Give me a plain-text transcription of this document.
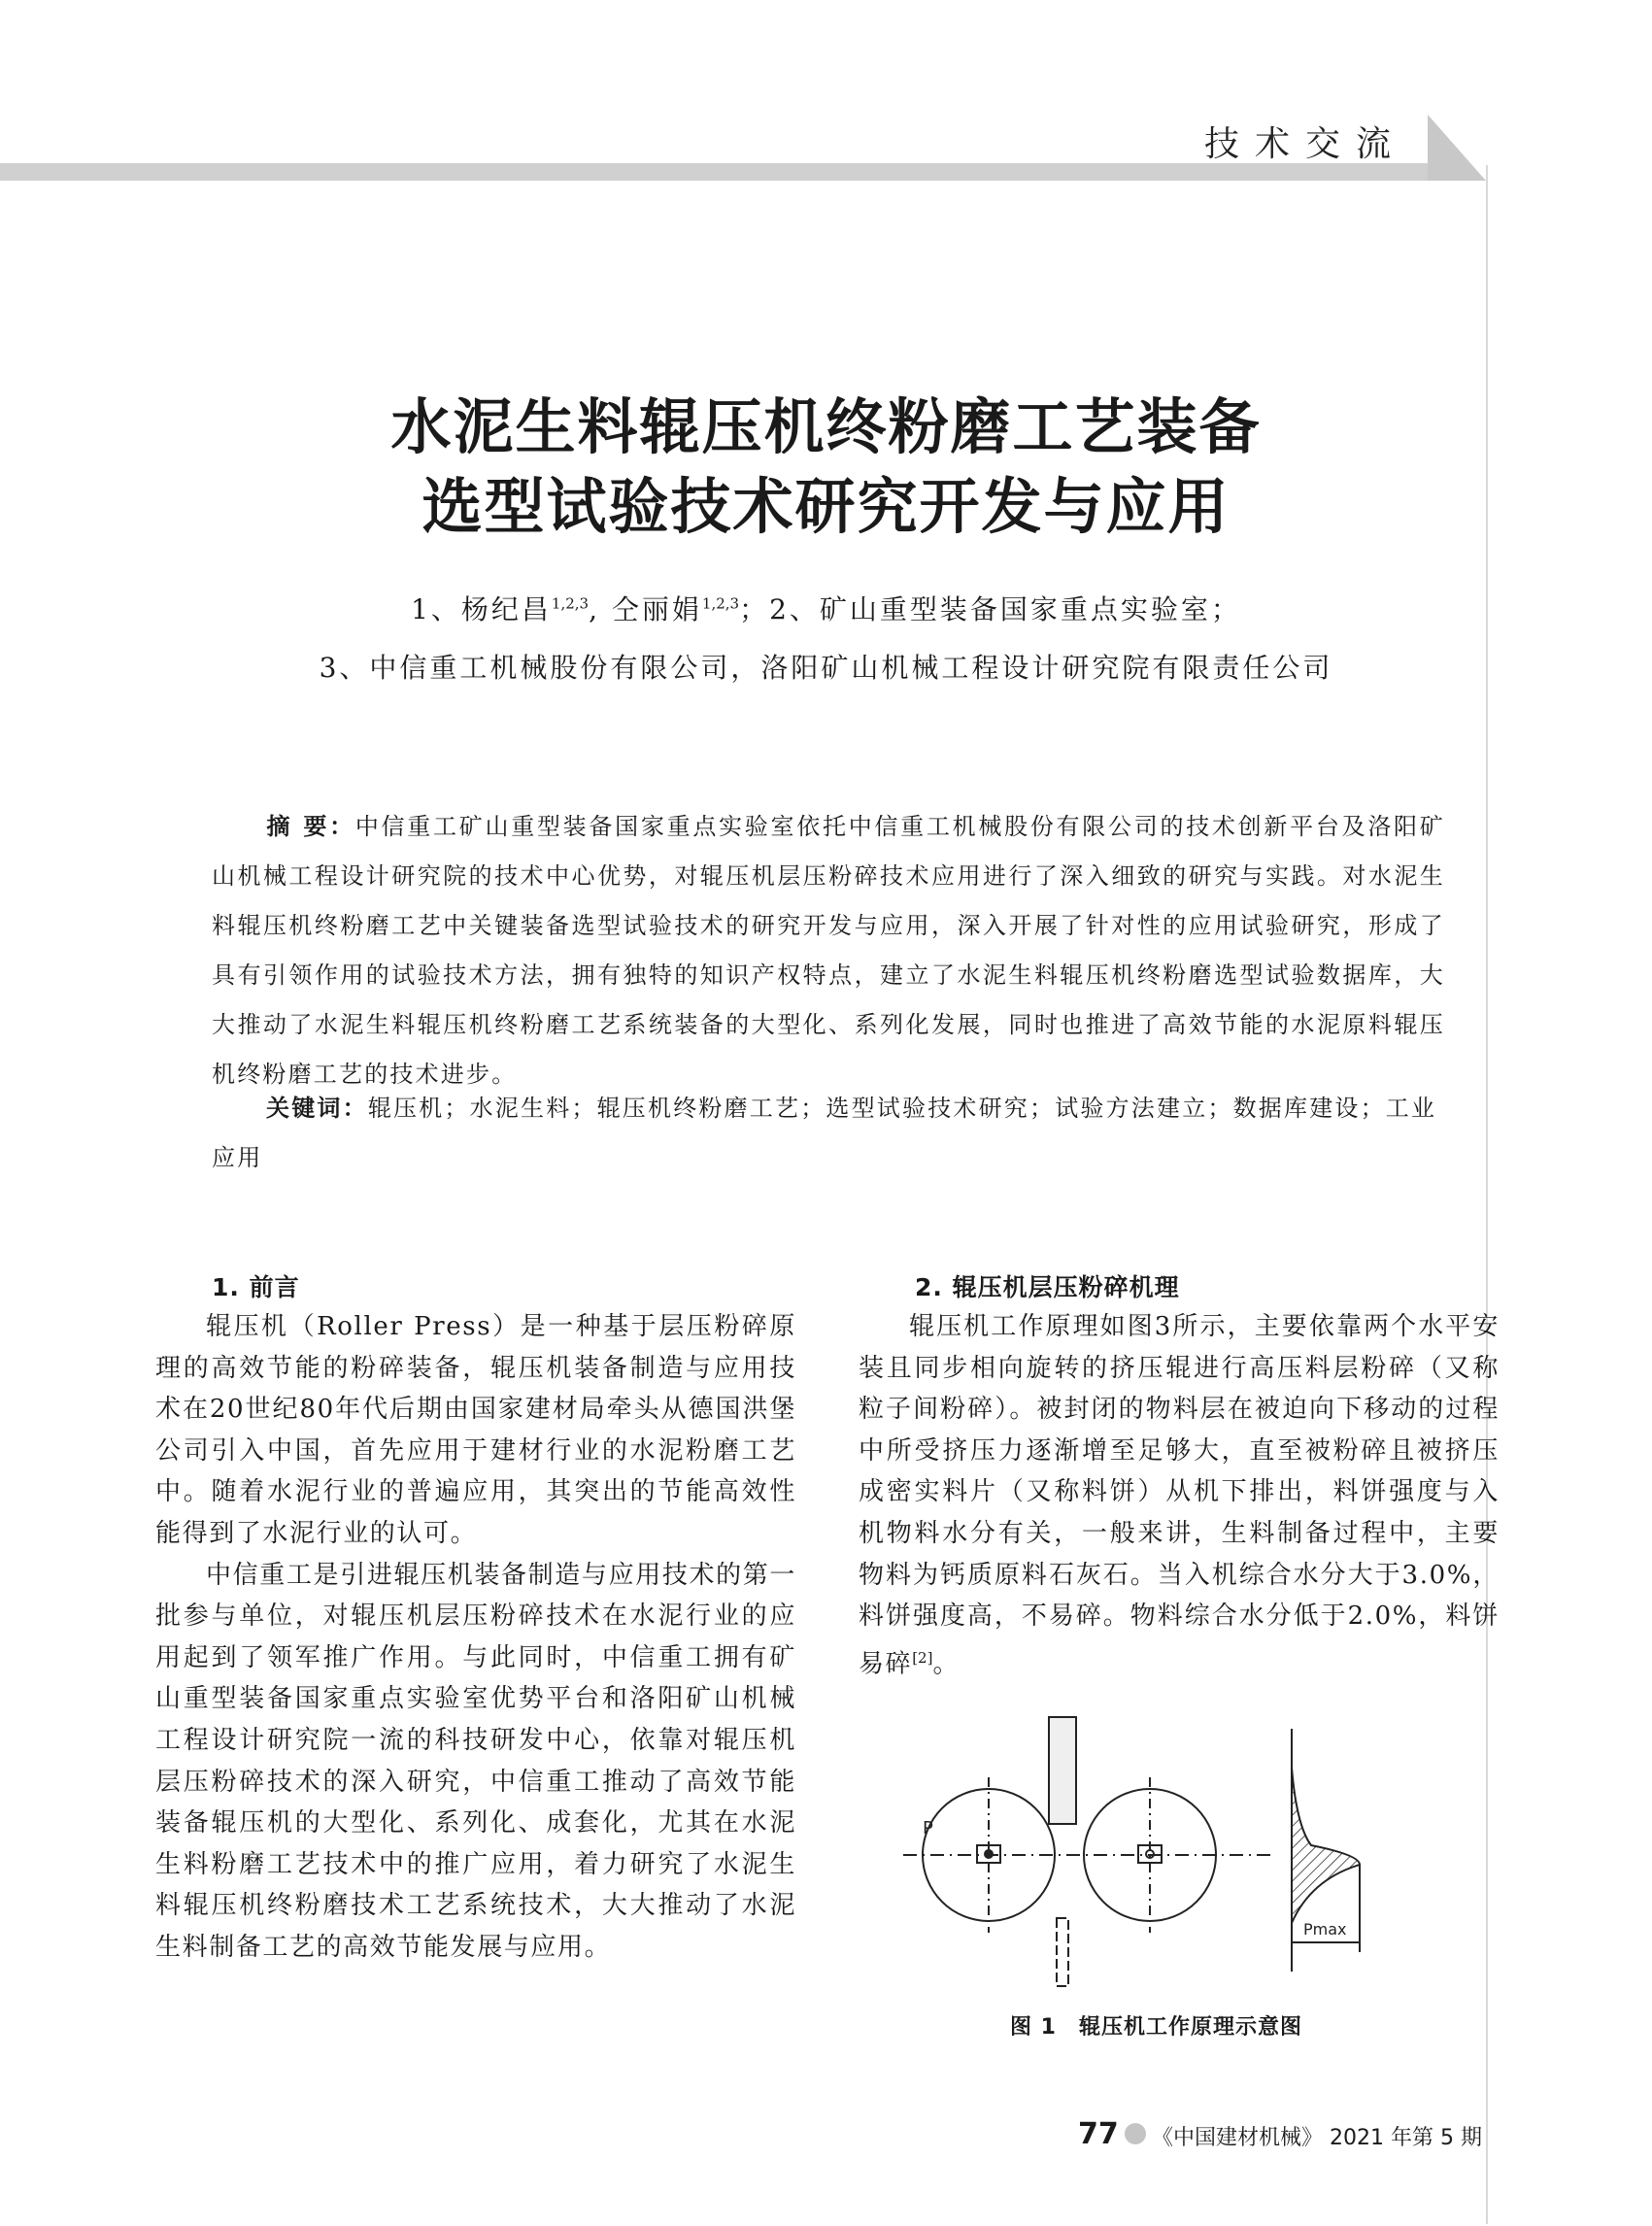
技术交流
水泥生料辊压机终粉磨工艺装备
选型试验技术研究开发与应用
1、杨纪昌$^{1,2,3}$, 仝丽娟$^{1,2,3}$；2、矿山重型装备国家重点实验室；
3、中信重工机械股份有限公司，洛阳矿山机械工程设计研究院有限责任公司
摘 要：中信重工矿山重型装备国家重点实验室依托中信重工机械股份有限公司的技术创新平台及洛阳矿山机械工程设计研究院的技术中心优势，对辊压机层压粉碎技术应用进行了深入细致的研究与实践。对水泥生料辊压机终粉磨工艺中关键装备选型试验技术的研究开发与应用，深入开展了针对性的应用试验研究，形成了具有引领作用的试验技术方法，拥有独特的知识产权特点，建立了水泥生料辊压机终粉磨选型试验数据库，大大推动了水泥生料辊压机终粉磨工艺系统装备的大型化、系列化发展，同时也推进了高效节能的水泥原料辊压机终粉磨工艺的技术进步。
关键词：辊压机；水泥生料；辊压机终粉磨工艺；选型试验技术研究；试验方法建立；数据库建设；工业应用
1. 前言

辊压机（Roller Press）是一种基于层压粉碎原理的高效节能的粉碎装备，辊压机装备制造与应用技术在20世纪80年代后期由国家建材局牵头从德国洪堡公司引入中国，首先应用于建材行业的水泥粉磨工艺中。随着水泥行业的普遍应用，其突出的节能高效性能得到了水泥行业的认可。

中信重工是引进辊压机装备制造与应用技术的第一批参与单位，对辊压机层压粉碎技术在水泥行业的应用起到了领军推广作用。与此同时，中信重工拥有矿山重型装备国家重点实验室优势平台和洛阳矿山机械工程设计研究院一流的科技研发中心，依靠对辊压机层压粉碎技术的深入研究，中信重工推动了高效节能装备辊压机的大型化、系列化、成套化，尤其在水泥生料粉磨工艺技术中的推广应用，着力研究了水泥生料辊压机终粉磨技术工艺系统技术，大大推动了水泥生料制备工艺的高效节能发展与应用。

2. 辊压机层压粉碎机理

辊压机工作原理如图3所示，主要依靠两个水平安装且同步相向旋转的挤压辊进行高压料层粉碎（又称粒子间粉碎）。被封闭的物料层在被迫向下移动的过程中所受挤压力逐渐增至足够大，直至被粉碎且被挤压成密实料片（又称料饼）从机下排出，料饼强度与入机物料水分有关，一般来讲，生料制备过程中，主要物料为钙质原料石灰石。当入机综合水分大于3.0%，料饼强度高，不易碎。物料综合水分低于2.0%，料饼易碎[2]。

P
Pmax
图 1　辊压机工作原理示意图
77 《中国建材机械》 2021 年第 5 期
